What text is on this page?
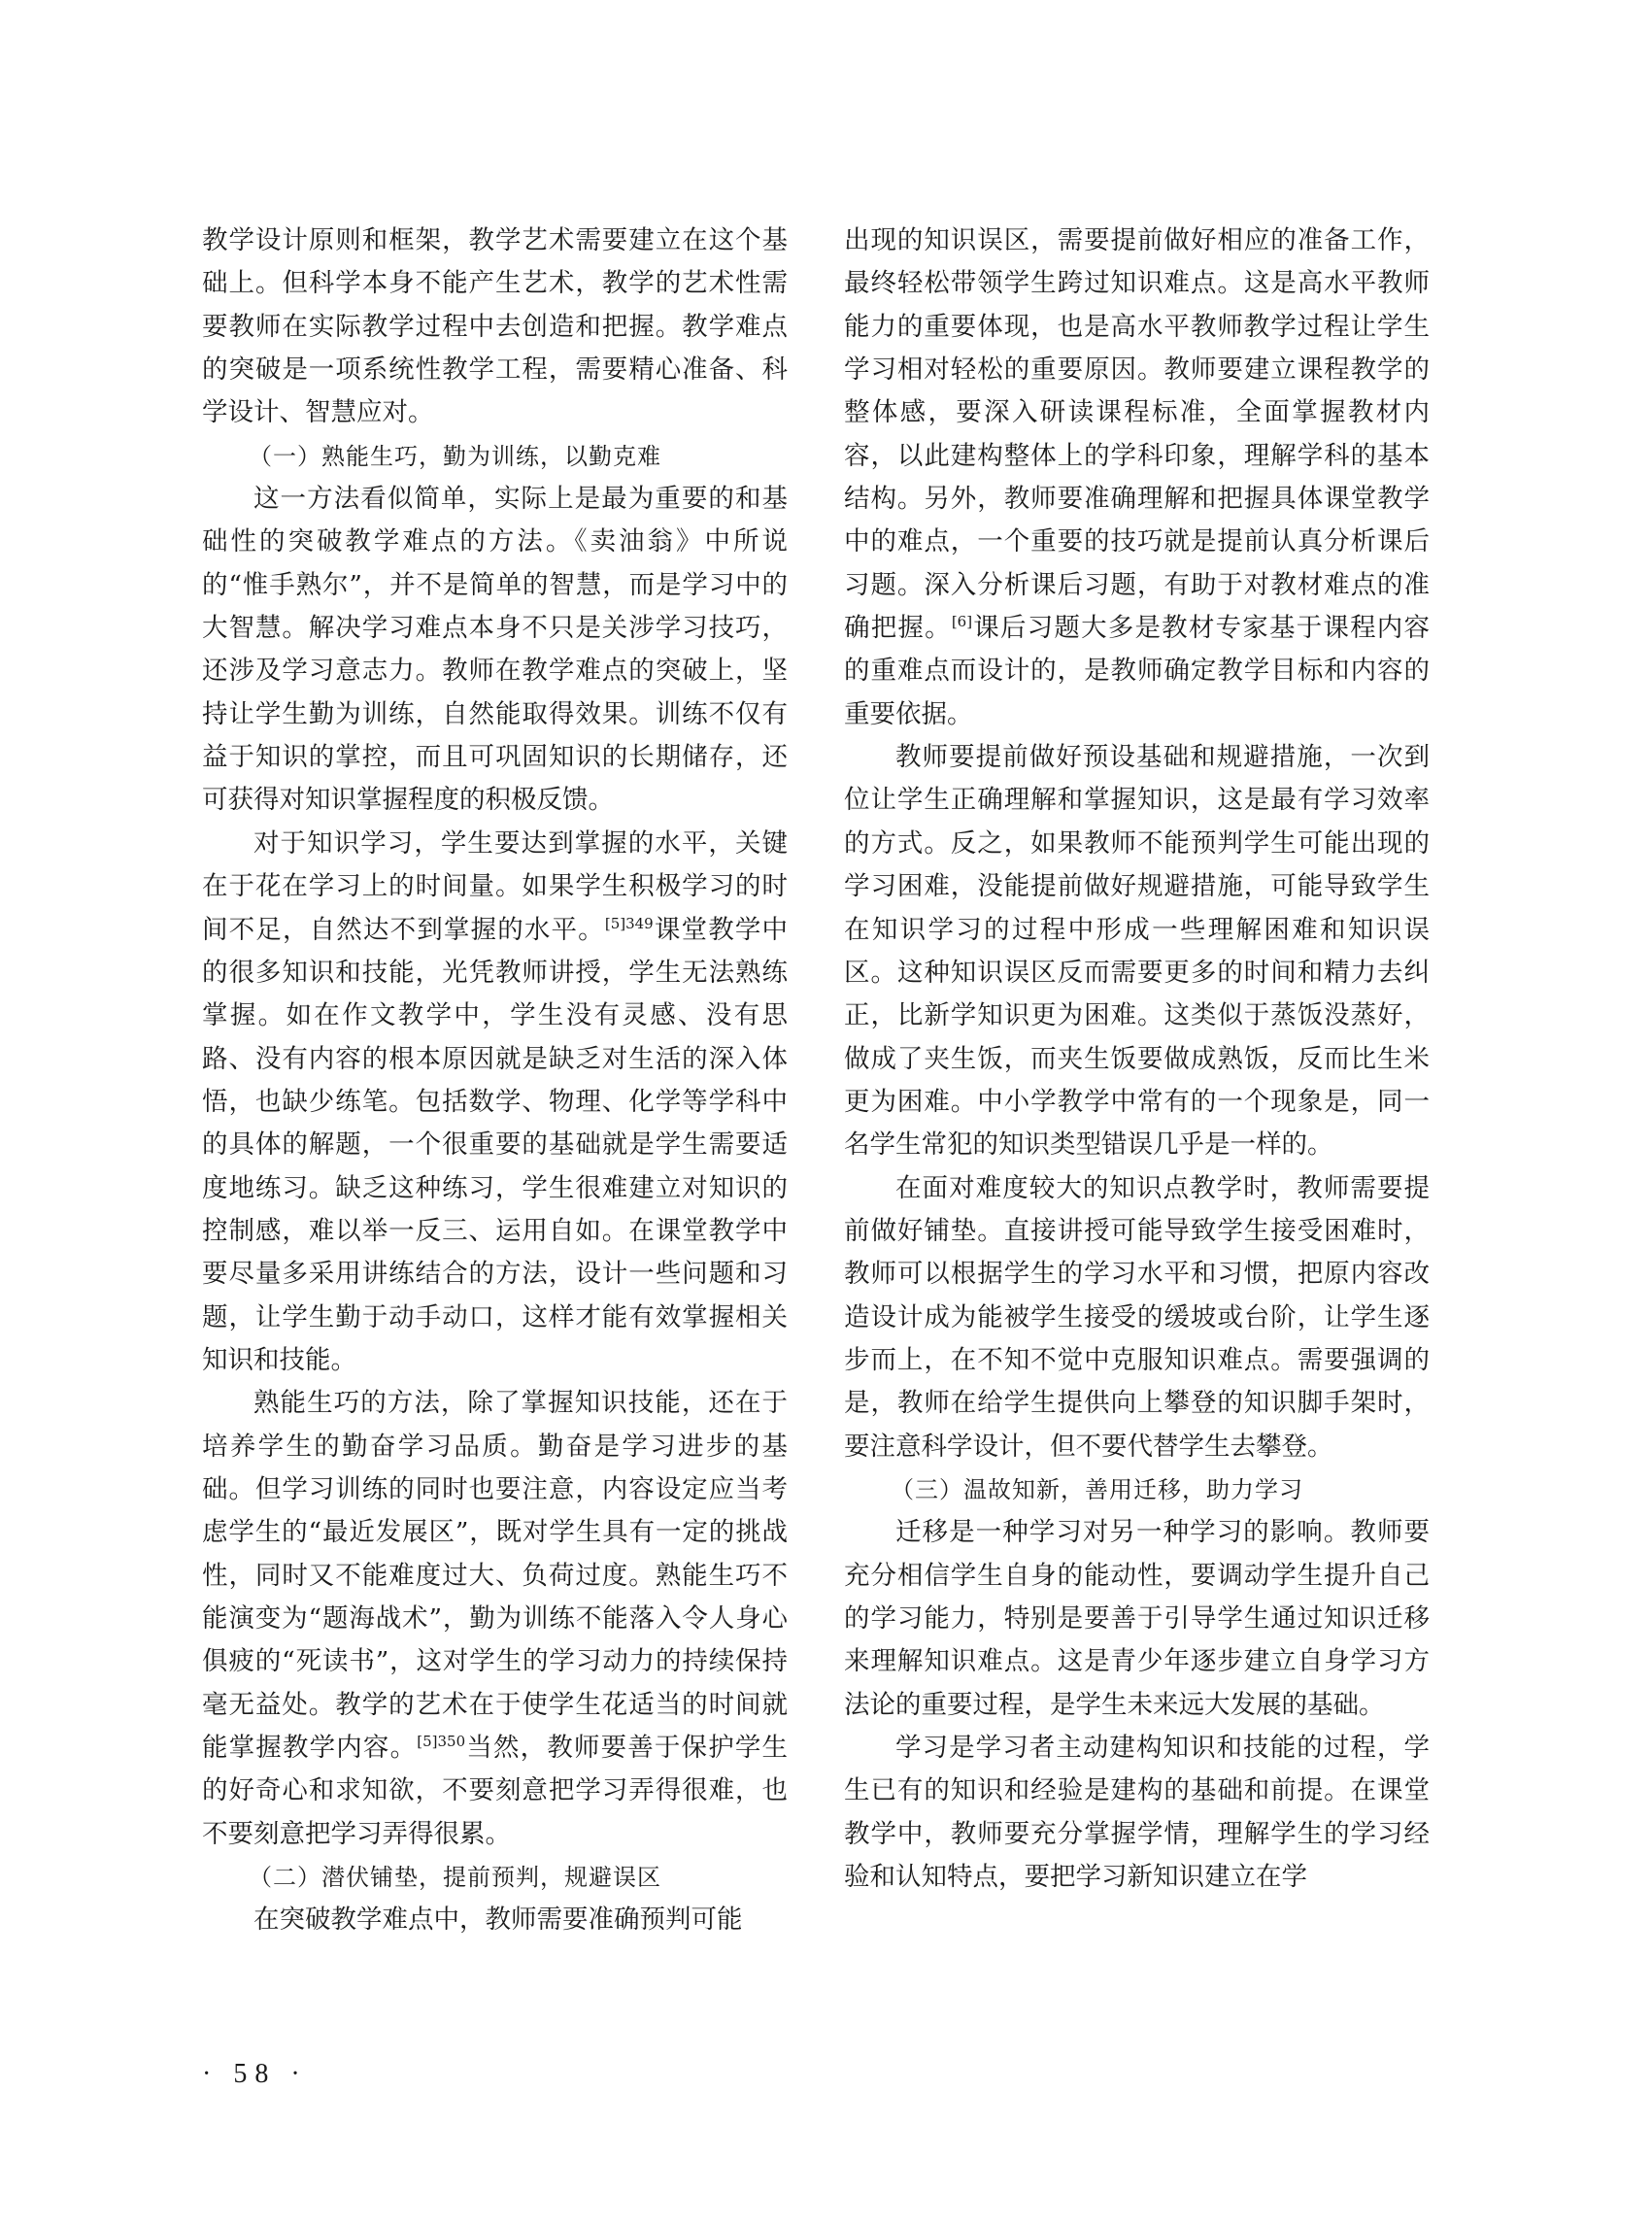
教学设计原则和框架，教学艺术需要建立在这个基础上。但科学本身不能产生艺术，教学的艺术性需要教师在实际教学过程中去创造和把握。教学难点的突破是一项系统性教学工程，需要精心准备、科学设计、智慧应对。

（一）熟能生巧，勤为训练，以勤克难

这一方法看似简单，实际上是最为重要的和基础性的突破教学难点的方法。《卖油翁》中所说的“惟手熟尔”，并不是简单的智慧，而是学习中的大智慧。解决学习难点本身不只是关涉学习技巧，还涉及学习意志力。教师在教学难点的突破上，坚持让学生勤为训练，自然能取得效果。训练不仅有益于知识的掌控，而且可巩固知识的长期储存，还可获得对知识掌握程度的积极反馈。

对于知识学习，学生要达到掌握的水平，关键在于花在学习上的时间量。如果学生积极学习的时间不足，自然达不到掌握的水平。$^{[5]349}$课堂教学中的很多知识和技能，光凭教师讲授，学生无法熟练掌握。如在作文教学中，学生没有灵感、没有思路、没有内容的根本原因就是缺乏对生活的深入体悟，也缺少练笔。包括数学、物理、化学等学科中的具体的解题，一个很重要的基础就是学生需要适度地练习。缺乏这种练习，学生很难建立对知识的控制感，难以举一反三、运用自如。在课堂教学中要尽量多采用讲练结合的方法，设计一些问题和习题，让学生勤于动手动口，这样才能有效掌握相关知识和技能。

熟能生巧的方法，除了掌握知识技能，还在于培养学生的勤奋学习品质。勤奋是学习进步的基础。但学习训练的同时也要注意，内容设定应当考虑学生的“最近发展区”，既对学生具有一定的挑战性，同时又不能难度过大、负荷过度。熟能生巧不能演变为“题海战术”，勤为训练不能落入令人身心俱疲的“死读书”，这对学生的学习动力的持续保持毫无益处。教学的艺术在于使学生花适当的时间就能掌握教学内容。$^{[5]350}$当然，教师要善于保护学生的好奇心和求知欲，不要刻意把学习弄得很难，也不要刻意把学习弄得很累。

（二）潜伏铺垫，提前预判，规避误区

在突破教学难点中，教师需要准确预判可能

出现的知识误区，需要提前做好相应的准备工作，最终轻松带领学生跨过知识难点。这是高水平教师能力的重要体现，也是高水平教师教学过程让学生学习相对轻松的重要原因。教师要建立课程教学的整体感，要深入研读课程标准，全面掌握教材内容，以此建构整体上的学科印象，理解学科的基本结构。另外，教师要准确理解和把握具体课堂教学中的难点，一个重要的技巧就是提前认真分析课后习题。深入分析课后习题，有助于对教材难点的准确把握。[6]课后习题大多是教材专家基于课程内容的重难点而设计的，是教师确定教学目标和内容的重要依据。

教师要提前做好预设基础和规避措施，一次到位让学生正确理解和掌握知识，这是最有学习效率的方式。反之，如果教师不能预判学生可能出现的学习困难，没能提前做好规避措施，可能导致学生在知识学习的过程中形成一些理解困难和知识误区。这种知识误区反而需要更多的时间和精力去纠正，比新学知识更为困难。这类似于蒸饭没蒸好，做成了夹生饭，而夹生饭要做成熟饭，反而比生米更为困难。中小学教学中常有的一个现象是，同一名学生常犯的知识类型错误几乎是一样的。

在面对难度较大的知识点教学时，教师需要提前做好铺垫。直接讲授可能导致学生接受困难时，教师可以根据学生的学习水平和习惯，把原内容改造设计成为能被学生接受的缓坡或台阶，让学生逐步而上，在不知不觉中克服知识难点。需要强调的是，教师在给学生提供向上攀登的知识脚手架时，要注意科学设计，但不要代替学生去攀登。

（三）温故知新，善用迁移，助力学习

迁移是一种学习对另一种学习的影响。教师要充分相信学生自身的能动性，要调动学生提升自己的学习能力，特别是要善于引导学生通过知识迁移来理解知识难点。这是青少年逐步建立自身学习方法论的重要过程，是学生未来远大发展的基础。

学习是学习者主动建构知识和技能的过程，学生已有的知识和经验是建构的基础和前提。在课堂教学中，教师要充分掌握学情，理解学生的学习经验和认知特点，要把学习新知识建立在学

· 58 ·
